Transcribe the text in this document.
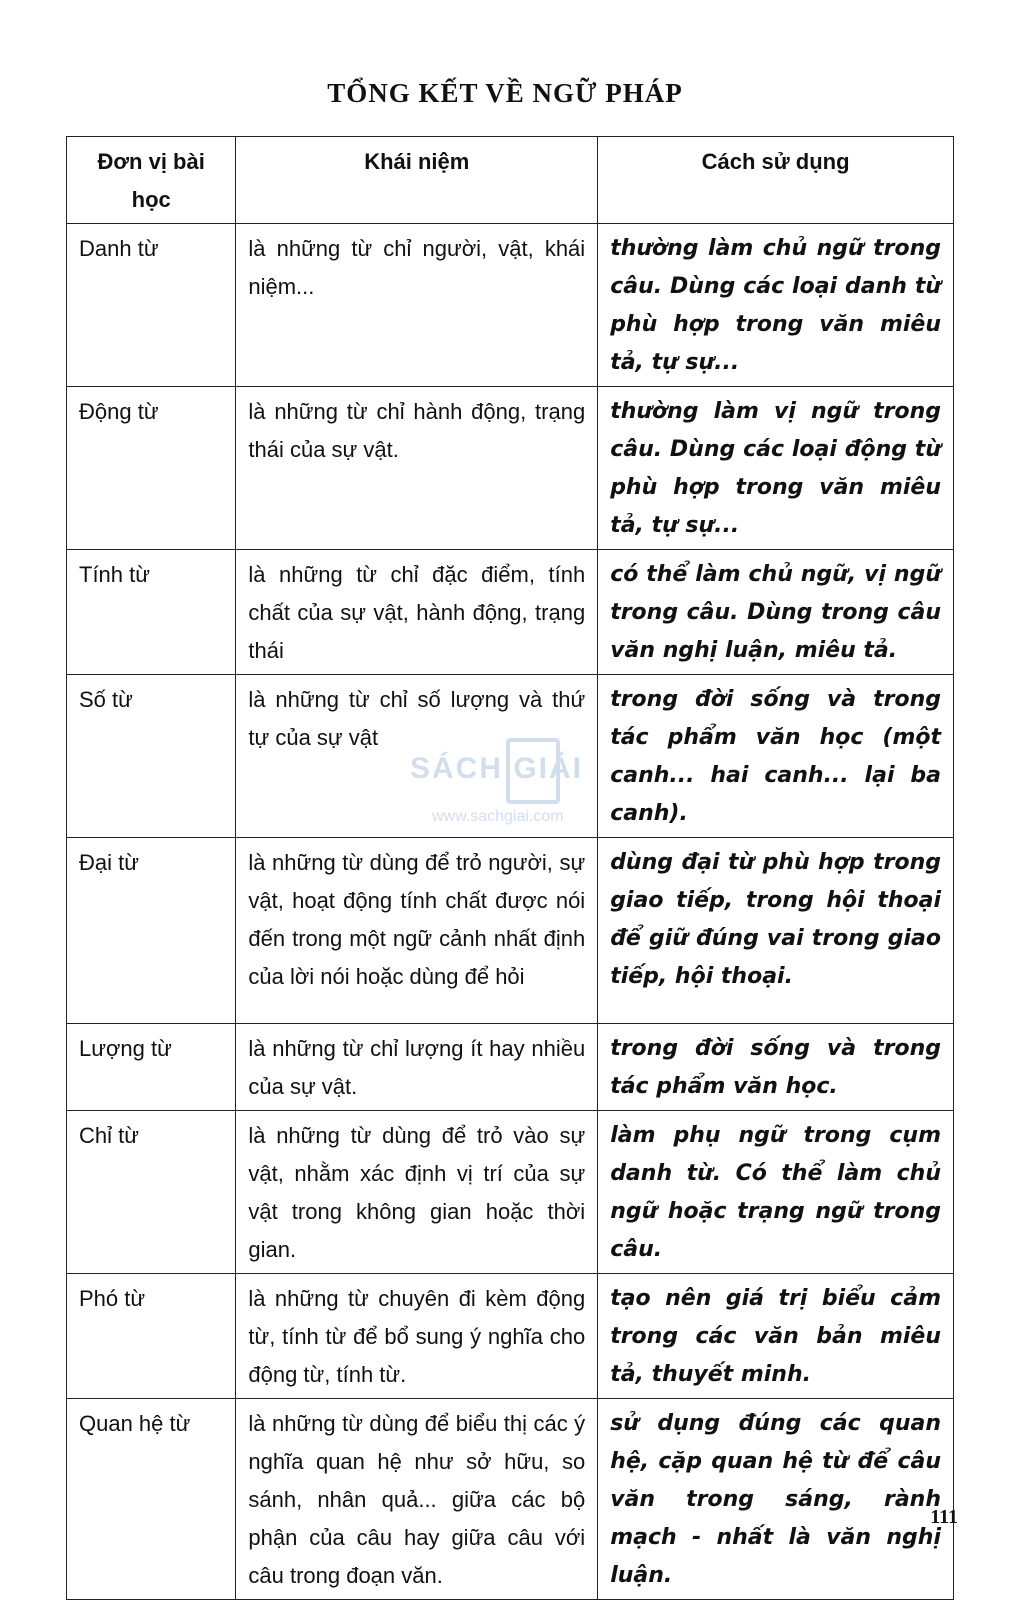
TỔNG KẾT VỀ NGỮ PHÁP
Đơn vị bài học	Khái niệm	Cách sử dụng
Danh từ	là những từ chỉ người, vật, khái niệm...	thường làm chủ ngữ trong câu. Dùng các loại danh từ phù hợp trong văn miêu tả, tự sự...
Động từ	là những từ chỉ hành động, trạng thái của sự vật.	thường làm vị ngữ trong câu. Dùng các loại động từ phù hợp trong văn miêu tả, tự sự...
Tính từ	là những từ chỉ đặc điểm, tính chất của sự vật, hành động, trạng thái	có thể làm chủ ngữ, vị ngữ trong câu. Dùng trong câu văn nghị luận, miêu tả.
Số từ	là những từ chỉ số lượng và thứ tự của sự vật	trong đời sống và trong tác phẩm văn học (một canh... hai canh... lại ba canh).
Đại từ	là những từ dùng để trỏ người, sự vật, hoạt động tính chất được nói đến trong một ngữ cảnh nhất định của lời nói hoặc dùng để hỏi	dùng đại từ phù hợp trong giao tiếp, trong hội thoại để giữ đúng vai trong giao tiếp, hội thoại.
Lượng từ	là những từ chỉ lượng ít hay nhiều của sự vật.	trong đời sống và trong tác phẩm văn học.
Chỉ từ	là những từ dùng để trỏ vào sự vật, nhằm xác định vị trí của sự vật trong không gian hoặc thời gian.	làm phụ ngữ trong cụm danh từ. Có thể làm chủ ngữ hoặc trạng ngữ trong câu.
Phó từ	là những từ chuyên đi kèm động từ, tính từ để bổ sung ý nghĩa cho động từ, tính từ.	tạo nên giá trị biểu cảm trong các văn bản miêu tả, thuyết minh.
Quan hệ từ	là những từ dùng để biểu thị các ý nghĩa quan hệ như sở hữu, so sánh, nhân quả... giữa các bộ phận của câu hay giữa câu với câu trong đoạn văn.	sử dụng đúng các quan hệ, cặp quan hệ từ để câu văn trong sáng, rành mạch - nhất là văn nghị luận.
SÁCH GIẢI
www.sachgiai.com
111
